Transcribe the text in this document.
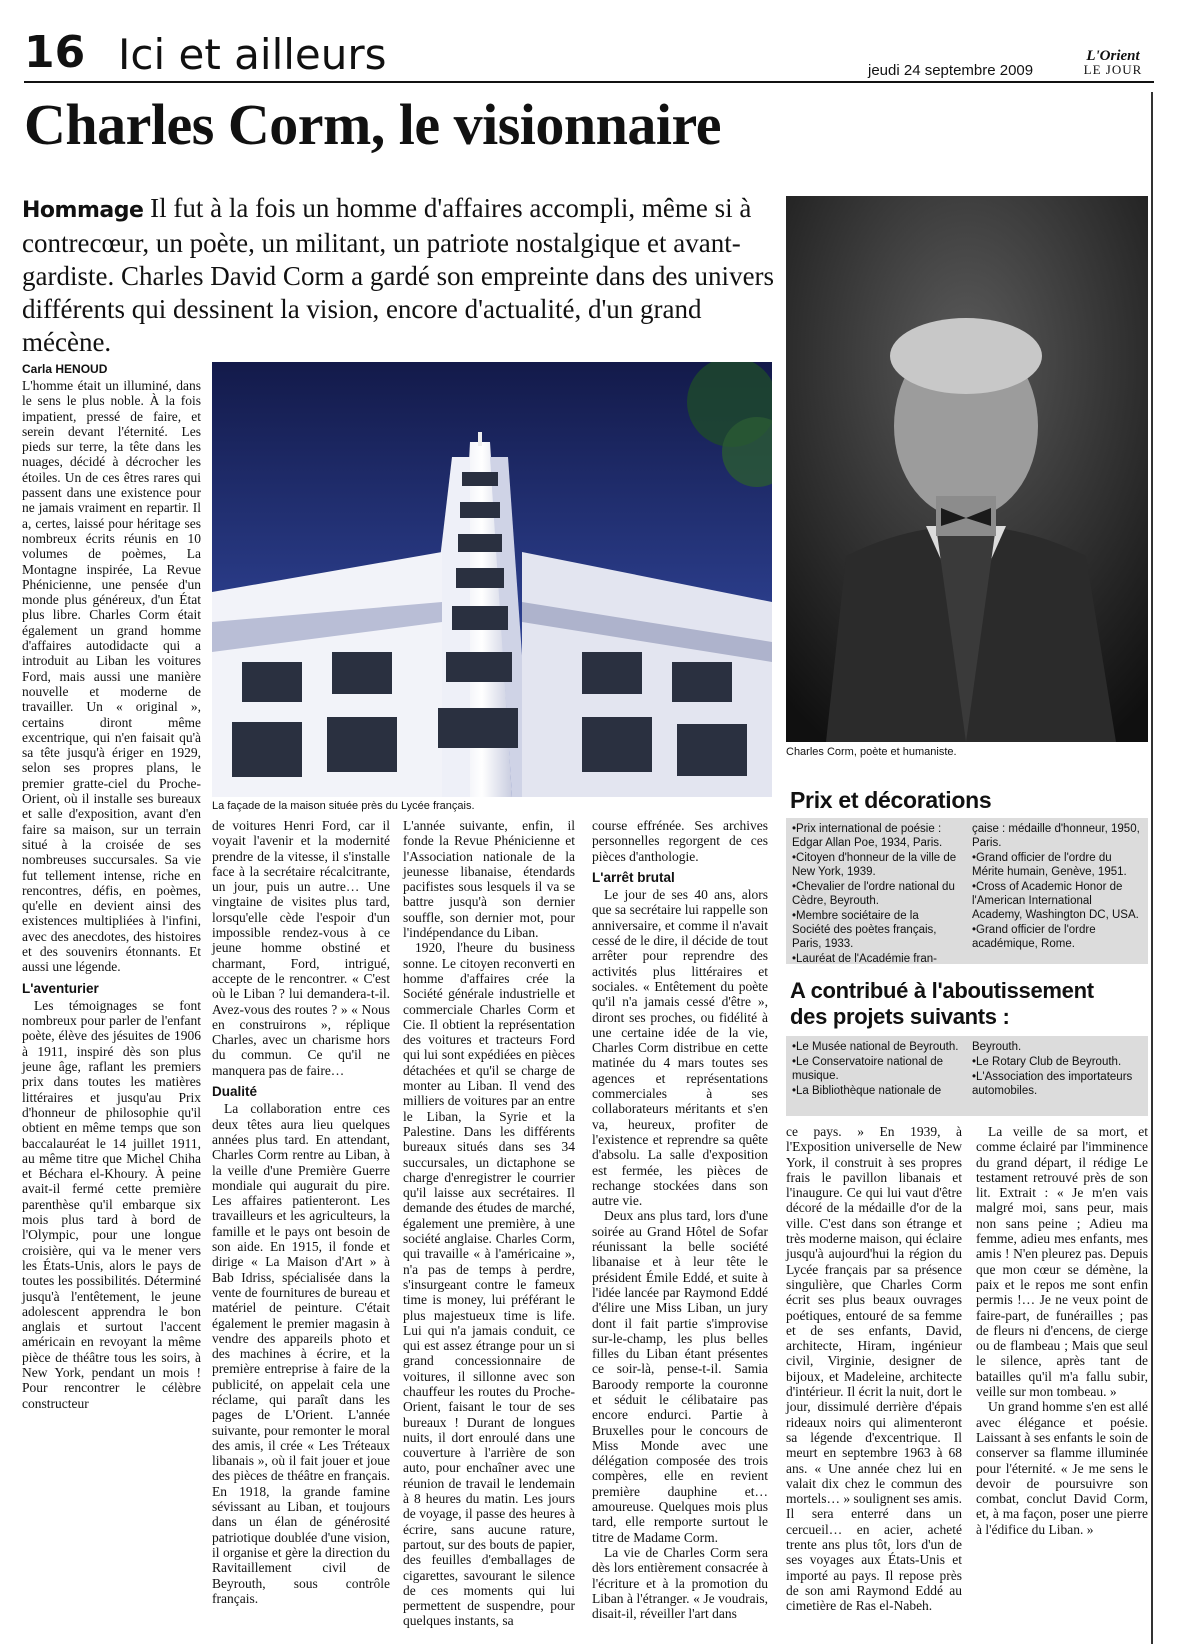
16 Ici et ailleurs	jeudi 24 septembre 2009
L'Orient
LE JOUR
Charles Corm, le visionnaire
Hommage Il fut à la fois un homme d'affaires accompli, même si à contrecœur, un poète, un militant, un patriote nostalgique et avant-gardiste. Charles David Corm a gardé son empreinte dans des univers différents qui dessinent la vision, encore d'actualité, d'un grand mécène.
Carla HENOUD
La façade de la maison située près du Lycée français.
Charles Corm, poète et humaniste.

L'homme était un illuminé, dans le sens le plus noble. À la fois impatient, pressé de faire, et serein devant l'éternité. Les pieds sur terre, la tête dans les nuages, décidé à décrocher les étoiles. Un de ces êtres rares qui passent dans une existence pour ne jamais vraiment en repartir. Il a, certes, laissé pour héritage ses nombreux écrits réunis en 10 volumes de poèmes, La Montagne inspirée, La Revue Phénicienne, une pensée d'un monde plus généreux, d'un État plus libre. Charles Corm était également un grand homme d'affaires autodidacte qui a introduit au Liban les voitures Ford, mais aussi une manière nouvelle et moderne de travailler. Un « original », certains diront même excentrique, qui n'en faisait qu'à sa tête jusqu'à ériger en 1929, selon ses propres plans, le premier gratte-ciel du Proche-Orient, où il installe ses bureaux et salle d'exposition, avant d'en faire sa maison, sur un terrain situé à la croisée de ses nombreuses succursales. Sa vie fut tellement intense, riche en rencontres, défis, en poèmes, qu'elle en devient ainsi des existences multipliées à l'infini, avec des anecdotes, des histoires et des souvenirs étonnants. Et aussi une légende.

L'aventurier

Les témoignages se font nombreux pour parler de l'enfant poète, élève des jésuites de 1906 à 1911, inspiré dès son plus jeune âge, raflant les premiers prix dans toutes les matières littéraires et jusqu'au Prix d'honneur de philosophie qu'il obtient en même temps que son baccalauréat le 14 juillet 1911, au même titre que Michel Chiha et Béchara el-Khoury. À peine avait-il fermé cette première parenthèse qu'il embarque six mois plus tard à bord de l'Olympic, pour une longue croisière, qui va le mener vers les États-Unis, alors le pays de toutes les possibilités. Déterminé jusqu'à l'entêtement, le jeune adolescent apprendra le bon anglais et surtout l'accent américain en revoyant la même pièce de théâtre tous les soirs, à New York, pendant un mois ! Pour rencontrer le célèbre constructeur

de voitures Henri Ford, car il voyait l'avenir et la modernité prendre de la vitesse, il s'installe face à la secrétaire récalcitrante, un jour, puis un autre… Une vingtaine de visites plus tard, lorsqu'elle cède l'espoir d'un impossible rendez-vous à ce jeune homme obstiné et charmant, Ford, intrigué, accepte de le rencontrer. « C'est où le Liban ? lui demandera-t-il. Avez-vous des routes ? » « Nous en construirons », réplique Charles, avec un charisme hors du commun. Ce qu'il ne manquera pas de faire…

Dualité

La collaboration entre ces deux têtes aura lieu quelques années plus tard. En attendant, Charles Corm rentre au Liban, à la veille d'une Première Guerre mondiale qui augurait du pire. Les affaires patienteront. Les travailleurs et les agriculteurs, la famille et le pays ont besoin de son aide. En 1915, il fonde et dirige « La Maison d'Art » à Bab Idriss, spécialisée dans la vente de fournitures de bureau et matériel de peinture. C'était également le premier magasin à vendre des appareils photo et des machines à écrire, et la première entreprise à faire de la publicité, on appelait cela une réclame, qui paraît dans les pages de L'Orient. L'année suivante, pour remonter le moral des amis, il crée « Les Tréteaux libanais », où il fait jouer et joue des pièces de théâtre en français. En 1918, la grande famine sévissant au Liban, et toujours dans un élan de générosité patriotique doublée d'une vision, il organise et gère la direction du Ravitaillement civil de Beyrouth, sous contrôle français.

L'année suivante, enfin, il fonde la Revue Phénicienne et l'Association nationale de la jeunesse libanaise, étendards pacifistes sous lesquels il va se battre jusqu'à son dernier souffle, son dernier mot, pour l'indépendance du Liban.

1920, l'heure du business sonne. Le citoyen reconverti en homme d'affaires crée la Société générale industrielle et commerciale Charles Corm et Cie. Il obtient la représentation des voitures et tracteurs Ford qui lui sont expédiées en pièces détachées et qu'il se charge de monter au Liban. Il vend des milliers de voitures par an entre le Liban, la Syrie et la Palestine. Dans les différents bureaux situés dans ses 34 succursales, un dictaphone se charge d'enregistrer le courrier qu'il laisse aux secrétaires. Il demande des études de marché, également une première, à une société anglaise. Charles Corm, qui travaille « à l'américaine », n'a pas de temps à perdre, s'insurgeant contre le fameux time is money, lui préférant le plus majestueux time is life. Lui qui n'a jamais conduit, ce qui est assez étrange pour un si grand concessionnaire de voitures, il sillonne avec son chauffeur les routes du Proche-Orient, faisant le tour de ses bureaux ! Durant de longues nuits, il dort enroulé dans une couverture à l'arrière de son auto, pour enchaîner avec une réunion de travail le lendemain à 8 heures du matin. Les jours de voyage, il passe des heures à écrire, sans aucune rature, partout, sur des bouts de papier, des feuilles d'emballages de cigarettes, savourant le silence de ces moments qui lui permettent de suspendre, pour quelques instants, sa

course effrénée. Ses archives personnelles regorgent de ces pièces d'anthologie.

L'arrêt brutal

Le jour de ses 40 ans, alors que sa secrétaire lui rappelle son anniversaire, et comme il n'avait cessé de le dire, il décide de tout arrêter pour reprendre des activités plus littéraires et sociales. « Entêtement du poète qu'il n'a jamais cessé d'être », diront ses proches, ou fidélité à une certaine idée de la vie, Charles Corm distribue en cette matinée du 4 mars toutes ses agences et représentations commerciales à ses collaborateurs méritants et s'en va, heureux, profiter de l'existence et reprendre sa quête d'absolu. La salle d'exposition est fermée, les pièces de rechange stockées dans son autre vie.

Deux ans plus tard, lors d'une soirée au Grand Hôtel de Sofar réunissant la belle société libanaise et à leur tête le président Émile Eddé, et suite à l'idée lancée par Raymond Eddé d'élire une Miss Liban, un jury dont il fait partie s'improvise sur-le-champ, les plus belles filles du Liban étant présentes ce soir-là, pense-t-il. Samia Baroody remporte la couronne et séduit le célibataire pas encore endurci. Partie à Bruxelles pour le concours de Miss Monde avec une délégation composée des trois compères, elle en revient première dauphine et… amoureuse. Quelques mois plus tard, elle remporte surtout le titre de Madame Corm.

La vie de Charles Corm sera dès lors entièrement consacrée à l'écriture et à la promotion du Liban à l'étranger. « Je voudrais, disait-il, réveiller l'art dans

Prix et décorations
•Prix international de poésie : Edgar Allan Poe, 1934, Paris.
•Citoyen d'honneur de la ville de New York, 1939.
•Chevalier de l'ordre national du Cèdre, Beyrouth.
•Membre sociétaire de la Société des poètes français, Paris, 1933.
•Lauréat de l'Académie fran-
çaise : médaille d'honneur, 1950, Paris.
•Grand officier de l'ordre du Mérite humain, Genève, 1951.
•Cross of Academic Honor de l'American International Academy, Washington DC, USA.
•Grand officier de l'ordre académique, Rome.
A contribué à l'aboutissement
des projets suivants :
•Le Musée national de Beyrouth.
•Le Conservatoire national de musique.
•La Bibliothèque nationale de
Beyrouth.
•Le Rotary Club de Beyrouth.
•L'Association des importateurs automobiles.

ce pays. » En 1939, à l'Exposition universelle de New York, il construit à ses propres frais le pavillon libanais et l'inaugure. Ce qui lui vaut d'être décoré de la médaille d'or de la ville. C'est dans son étrange et très moderne maison, qui éclaire jusqu'à aujourd'hui la région du Lycée français par sa présence singulière, que Charles Corm écrit ses plus beaux ouvrages poétiques, entouré de sa femme et de ses enfants, David, architecte, Hiram, ingénieur civil, Virginie, designer de bijoux, et Madeleine, architecte d'intérieur. Il écrit la nuit, dort le jour, dissimulé derrière d'épais rideaux noirs qui alimenteront sa légende d'excentrique. Il meurt en septembre 1963 à 68 ans. « Une année chez lui en valait dix chez le commun des mortels… » soulignent ses amis. Il sera enterré dans un cercueil… en acier, acheté trente ans plus tôt, lors d'un de ses voyages aux États-Unis et importé au pays. Il repose près de son ami Raymond Eddé au cimetière de Ras el-Nabeh.

La veille de sa mort, et comme éclairé par l'imminence du grand départ, il rédige Le testament retrouvé près de son lit. Extrait : « Je m'en vais malgré moi, sans peur, mais non sans peine ; Adieu ma femme, adieu mes enfants, mes amis ! N'en pleurez pas. Depuis que mon cœur se démène, la paix et le repos me sont enfin permis !… Je ne veux point de faire-part, de funérailles ; pas de fleurs ni d'encens, de cierge ou de flambeau ; Mais que seul le silence, après tant de batailles qu'il m'a fallu subir, veille sur mon tombeau. »

Un grand homme s'en est allé avec élégance et poésie. Laissant à ses enfants le soin de conserver sa flamme illuminée pour l'éternité. « Je me sens le devoir de poursuivre son combat, conclut David Corm, et, à ma façon, poser une pierre à l'édifice du Liban. »
